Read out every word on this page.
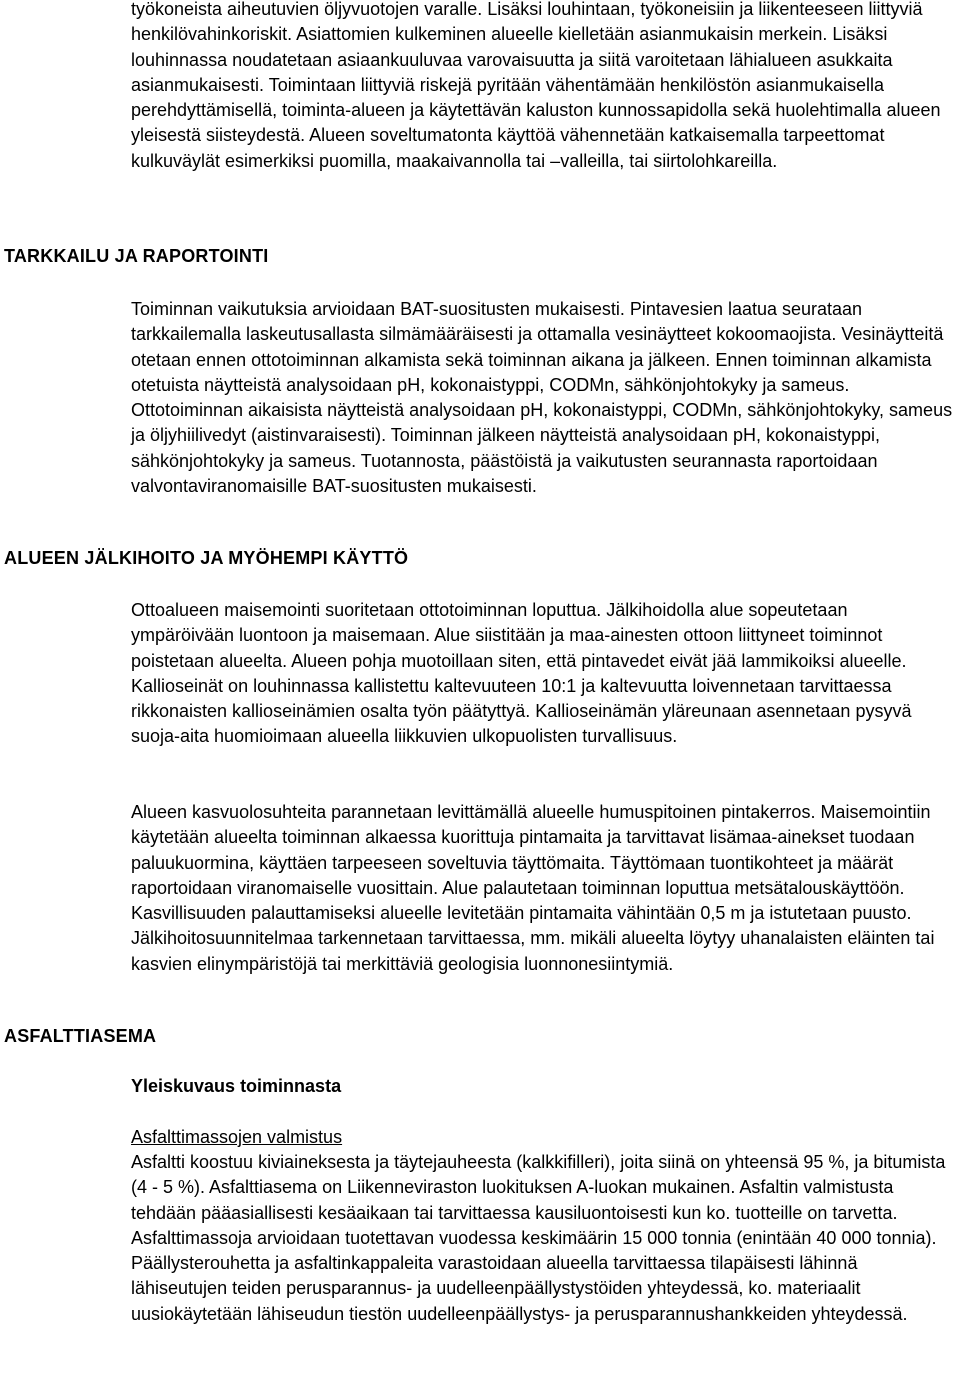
työkoneista aiheutuvien öljyvuotojen varalle. Lisäksi louhintaan, työkoneisiin ja liikenteeseen liittyviä henkilövahinkoriskit. Asiattomien kulkeminen alueelle kielletään asianmukaisin merkein. Lisäksi louhinnassa noudatetaan asiaankuuluvaa varovaisuutta ja siitä varoitetaan lähialueen asukkaita asianmukaisesti. Toimintaan liittyviä riskejä pyritään vähentämään henkilöstön asianmukaisella perehdyttämisellä, toiminta-alueen ja käytettävän kaluston kunnossapidolla sekä huolehtimalla alueen yleisestä siisteydestä. Alueen soveltumatonta käyttöä vähennetään katkaisemalla tarpeettomat kulkuväylät esimerkiksi puomilla, maakaivannolla tai –valleilla, tai siirtolohkareilla.

TARKKAILU JA RAPORTOINTI

Toiminnan vaikutuksia arvioidaan BAT-suositusten mukaisesti. Pintavesien laatua seurataan tarkkailemalla laskeutusallasta silmämääräisesti ja ottamalla vesinäytteet kokoomaojista. Vesinäytteitä otetaan ennen ottotoiminnan alkamista sekä toiminnan aikana ja jälkeen. Ennen toiminnan alkamista otetuista näytteistä analysoidaan pH, kokonaistyppi, CODMn, sähkönjohtokyky ja sameus. Ottotoiminnan aikaisista näytteistä analysoidaan pH, kokonaistyppi, CODMn, sähkönjohtokyky, sameus ja öljyhiilivedyt (aistinvaraisesti). Toiminnan jälkeen näytteistä analysoidaan pH, kokonaistyppi, sähkönjohtokyky ja sameus. Tuotannosta, päästöistä ja vaikutusten seurannasta raportoidaan valvontaviranomaisille BAT-suositusten mukaisesti.

ALUEEN JÄLKIHOITO JA MYÖHEMPI KÄYTTÖ

Ottoalueen maisemointi suoritetaan ottotoiminnan loputtua. Jälkihoidolla alue sopeutetaan ympäröivään luontoon ja maisemaan. Alue siistitään ja maa-ainesten ottoon liittyneet toiminnot poistetaan alueelta. Alueen pohja muotoillaan siten, että pintavedet eivät jää lammikoiksi alueelle. Kallioseinät on louhinnassa kallistettu kaltevuuteen 10:1 ja kaltevuutta loivennetaan tarvittaessa rikkonaisten kallioseinämien osalta työn päätyttyä. Kallioseinämän yläreunaan asennetaan pysyvä suoja-aita huomioimaan alueella liikkuvien ulkopuolisten turvallisuus.

Alueen kasvuolosuhteita parannetaan levittämällä alueelle humuspitoinen pintakerros. Maisemointiin käytetään alueelta toiminnan alkaessa kuorittuja pintamaita ja tarvittavat lisämaa-ainekset tuodaan paluukuormina, käyttäen tarpeeseen soveltuvia täyttömaita. Täyttömaan tuontikohteet ja määrät raportoidaan viranomaiselle vuosittain. Alue palautetaan toiminnan loputtua metsätalouskäyttöön. Kasvillisuuden palauttamiseksi alueelle levitetään pintamaita vähintään 0,5 m ja istutetaan puusto. Jälkihoitosuunnitelmaa tarkennetaan tarvittaessa, mm. mikäli alueelta löytyy uhanalaisten eläinten tai kasvien elinympäristöjä tai merkittäviä geologisia luonnonesiintymiä.

ASFALTTIASEMA
Yleiskuvaus toiminnasta
Asfalttimassojen valmistus

Asfaltti koostuu kiviaineksesta ja täytejauheesta (kalkkifilleri), joita siinä on yhteensä 95 %, ja bitumista (4 - 5 %). Asfalttiasema on Liikenneviraston luokituksen A-luokan mukainen. Asfaltin valmistusta tehdään pääasiallisesti kesäaikaan tai tarvittaessa kausiluontoisesti kun ko. tuotteille on tarvetta. Asfalttimassoja arvioidaan tuotettavan vuodessa keskimäärin 15 000 tonnia (enintään 40 000 tonnia). Päällysterouhetta ja asfaltinkappaleita varastoidaan alueella tarvittaessa tilapäisesti lähinnä lähiseutujen teiden perusparannus- ja uudelleenpäällystystöiden yhteydessä, ko. materiaalit uusiokäytetään lähiseudun tiestön uudelleenpäällystys- ja perusparannushankkeiden yhteydessä.
